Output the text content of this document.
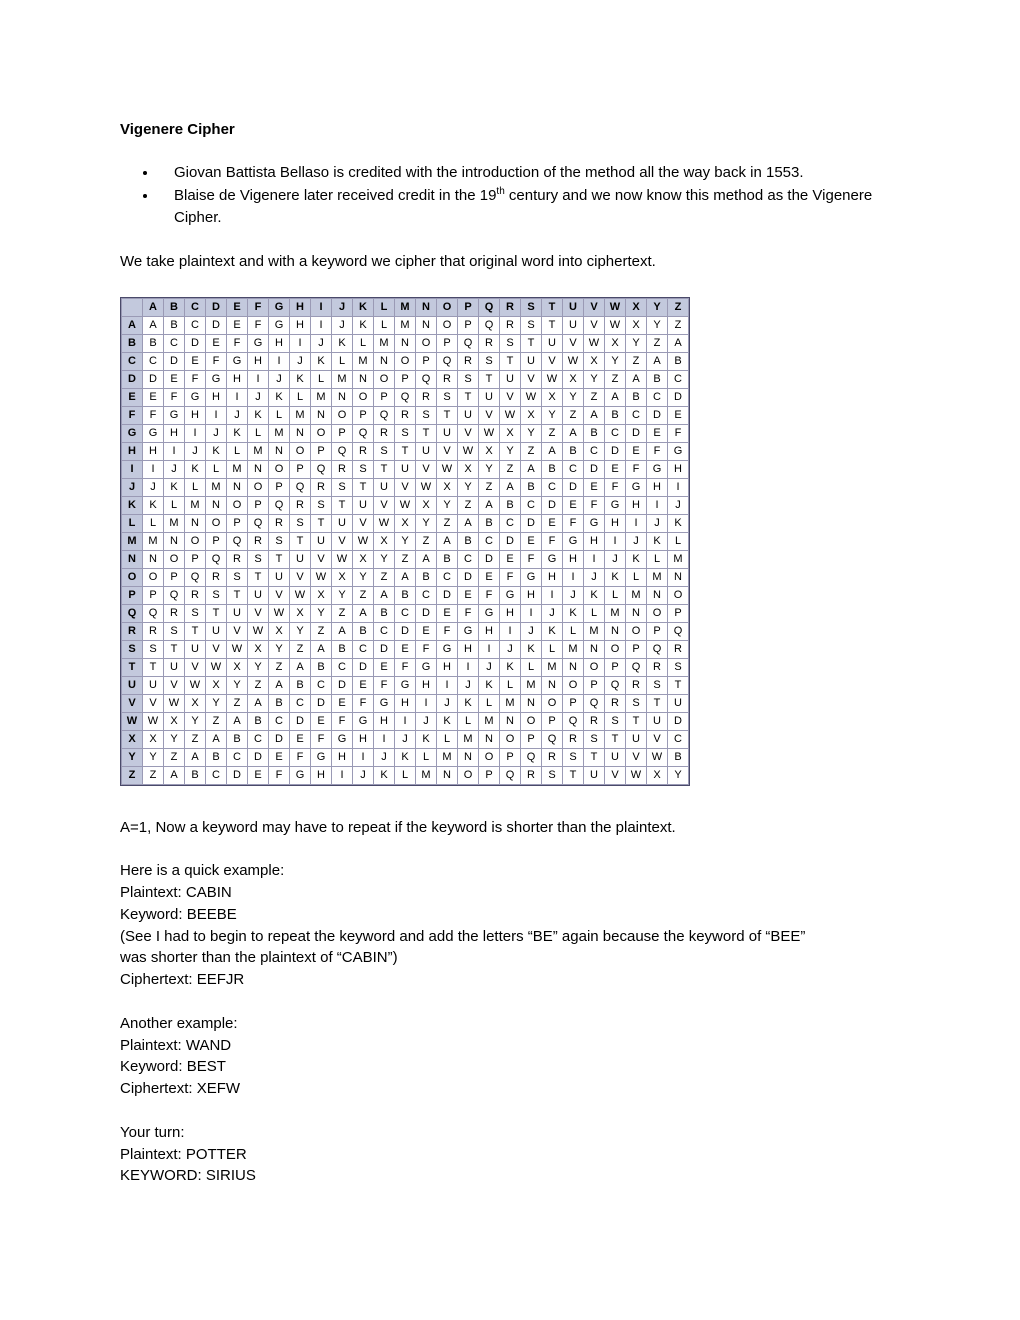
Vigenere Cipher
• Giovan Battista Bellaso is credited with the introduction of the method all the way back in 1553.
• Blaise de Vigenere later received credit in the 19th century and we now know this method as the Vigenere Cipher.

We take plaintext and with a keyword we cipher that original word into ciphertext.

	A	B	C	D	E	F	G	H	I	J	K	L	M	N	O	P	Q	R	S	T	U	V	W	X	Y	Z
A	A	B	C	D	E	F	G	H	I	J	K	L	M	N	O	P	Q	R	S	T	U	V	W	X	Y	Z
B	B	C	D	E	F	G	H	I	J	K	L	M	N	O	P	Q	R	S	T	U	V	W	X	Y	Z	A
C	C	D	E	F	G	H	I	J	K	L	M	N	O	P	Q	R	S	T	U	V	W	X	Y	Z	A	B
D	D	E	F	G	H	I	J	K	L	M	N	O	P	Q	R	S	T	U	V	W	X	Y	Z	A	B	C
E	E	F	G	H	I	J	K	L	M	N	O	P	Q	R	S	T	U	V	W	X	Y	Z	A	B	C	D
F	F	G	H	I	J	K	L	M	N	O	P	Q	R	S	T	U	V	W	X	Y	Z	A	B	C	D	E
G	G	H	I	J	K	L	M	N	O	P	Q	R	S	T	U	V	W	X	Y	Z	A	B	C	D	E	F
H	H	I	J	K	L	M	N	O	P	Q	R	S	T	U	V	W	X	Y	Z	A	B	C	D	E	F	G
I	I	J	K	L	M	N	O	P	Q	R	S	T	U	V	W	X	Y	Z	A	B	C	D	E	F	G	H
J	J	K	L	M	N	O	P	Q	R	S	T	U	V	W	X	Y	Z	A	B	C	D	E	F	G	H	I
K	K	L	M	N	O	P	Q	R	S	T	U	V	W	X	Y	Z	A	B	C	D	E	F	G	H	I	J
L	L	M	N	O	P	Q	R	S	T	U	V	W	X	Y	Z	A	B	C	D	E	F	G	H	I	J	K
M	M	N	O	P	Q	R	S	T	U	V	W	X	Y	Z	A	B	C	D	E	F	G	H	I	J	K	L
N	N	O	P	Q	R	S	T	U	V	W	X	Y	Z	A	B	C	D	E	F	G	H	I	J	K	L	M
O	O	P	Q	R	S	T	U	V	W	X	Y	Z	A	B	C	D	E	F	G	H	I	J	K	L	M	N
P	P	Q	R	S	T	U	V	W	X	Y	Z	A	B	C	D	E	F	G	H	I	J	K	L	M	N	O
Q	Q	R	S	T	U	V	W	X	Y	Z	A	B	C	D	E	F	G	H	I	J	K	L	M	N	O	P
R	R	S	T	U	V	W	X	Y	Z	A	B	C	D	E	F	G	H	I	J	K	L	M	N	O	P	Q
S	S	T	U	V	W	X	Y	Z	A	B	C	D	E	F	G	H	I	J	K	L	M	N	O	P	Q	R
T	T	U	V	W	X	Y	Z	A	B	C	D	E	F	G	H	I	J	K	L	M	N	O	P	Q	R	S
U	U	V	W	X	Y	Z	A	B	C	D	E	F	G	H	I	J	K	L	M	N	O	P	Q	R	S	T
V	V	W	X	Y	Z	A	B	C	D	E	F	G	H	I	J	K	L	M	N	O	P	Q	R	S	T	U
W	W	X	Y	Z	A	B	C	D	E	F	G	H	I	J	K	L	M	N	O	P	Q	R	S	T	U	D
X	X	Y	Z	A	B	C	D	E	F	G	H	I	J	K	L	M	N	O	P	Q	R	S	T	U	V	C
Y	Y	Z	A	B	C	D	E	F	G	H	I	J	K	L	M	N	O	P	Q	R	S	T	U	V	W	B
Z	Z	A	B	C	D	E	F	G	H	I	J	K	L	M	N	O	P	Q	R	S	T	U	V	W	X	Y

A=1, Now a keyword may have to repeat if the keyword is shorter than the plaintext.

Here is a quick example:

Plaintext: CABIN

Keyword: BEEBE

(See I had to begin to repeat the keyword and add the letters “BE” again because the keyword of “BEE”

was shorter than the plaintext of “CABIN”)

Ciphertext: EEFJR

Another example:

Plaintext: WAND

Keyword: BEST

Ciphertext: XEFW

Your turn:

Plaintext: POTTER

KEYWORD: SIRIUS
